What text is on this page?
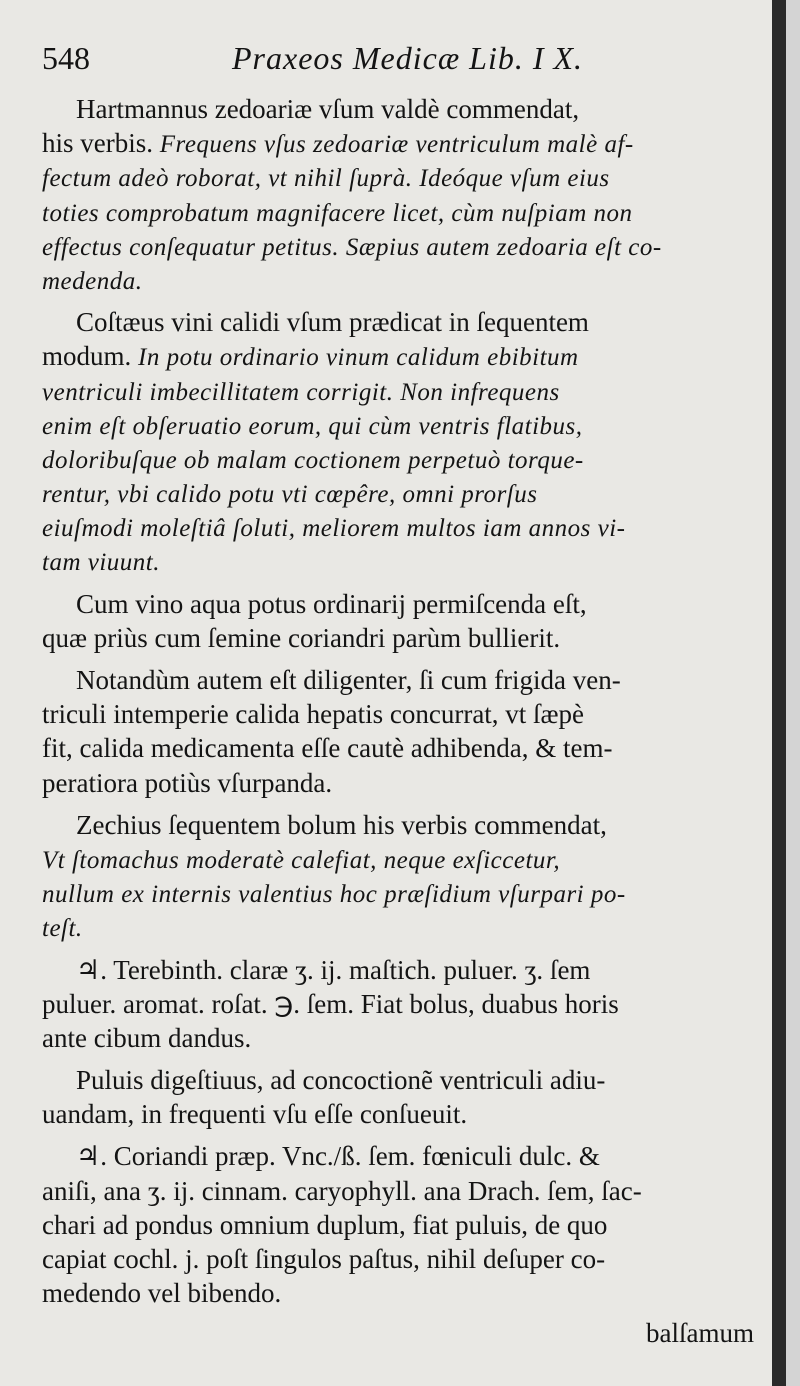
548	Praxeos Medicæ Lib. I X.
Hartmannus zedoariæ vſum valdè commendat,
his verbis. Frequens vſus zedoariæ ventriculum malè af-
fectum adeò roborat, vt nihil ſuprà. Ideóque vſum eius
toties comprobatum magnifacere licet, cùm nuſpiam non
effectus conſequatur petitus. Sæpius autem zedoaria eſt co-
medenda.
Coſtæus vini calidi vſum prædicat in ſequentem
modum. In potu ordinario vinum calidum ebibitum
ventriculi imbecillitatem corrigit. Non infrequens
enim eſt obſeruatio eorum, qui cùm ventris flatibus,
doloribuſque ob malam coctionem perpetuò torque-
rentur, vbi calido potu vti cœpêre, omni prorſus
eiuſmodi moleſtiâ ſoluti, meliorem multos iam annos vi-
tam viuunt.
Cum vino aqua potus ordinarij permiſcenda eſt,
quæ priùs cum ſemine coriandri parùm bullierit.
Notandùm autem eſt diligenter, ſi cum frigida ven-
triculi intemperie calida hepatis concurrat, vt ſæpè
fit, calida medicamenta eſſe cautè adhibenda, & tem-
peratiora potiùs vſurpanda.
Zechius ſequentem bolum his verbis commendat,
Vt ſtomachus moderatè calefiat, neque exſiccetur,
nullum ex internis valentius hoc præſidium vſurpari po-
teſt.
♃. Terebinth. claræ ʒ. ij. maſtich. puluer. ʒ. ſem
puluer. aromat. roſat. ℈. ſem. Fiat bolus, duabus horis
ante cibum dandus.
Puluis digeſtiuus, ad concoctionẽ ventriculi adiu-
uandam, in frequenti vſu eſſe conſueuit.
♃. Coriandi præp. Vnc./ß. ſem. fœniculi dulc. &
aniſi, ana ʒ. ij. cinnam. caryophyll. ana Drach. ſem, ſac-
chari ad pondus omnium duplum, fiat puluis, de quo
capiat cochl. j. poſt ſingulos paſtus, nihil deſuper co-
medendo vel bibendo.
balſamum
